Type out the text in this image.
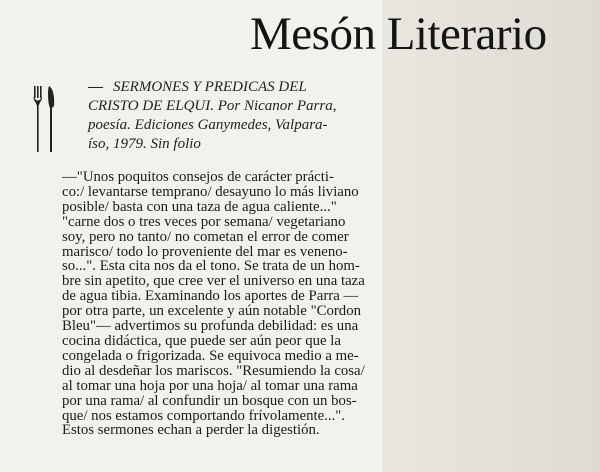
Mesón Literario
— SERMONES Y PREDICAS DEL
CRISTO DE ELQUI. Por Nicanor Parra,
poesía. Ediciones Ganymedes, Valpara-
íso, 1979. Sin folio
—"Unos poquitos consejos de carácter prácti-
co:/ levantarse temprano/ desayuno lo más liviano
posible/ basta con una taza de agua caliente..."
"carne dos o tres veces por semana/ vegetariano
soy, pero no tanto/ no cometan el error de comer
marisco/ todo lo proveniente del mar es veneno-
so...". Esta cita nos da el tono. Se trata de un hom-
bre sin apetito, que cree ver el universo en una taza
de agua tibia. Examinando los aportes de Parra —
por otra parte, un excelente y aún notable "Cordon
Bleu"— advertimos su profunda debilidad: es una
cocina didáctica, que puede ser aún peor que la
congelada o frigorizada. Se equivoca medio a me-
dio al desdeñar los mariscos. "Resumiendo la cosa/
al tomar una hoja por una hoja/ al tomar una rama
por una rama/ al confundir un bosque con un bos-
que/ nos estamos comportando frívolamente...".
Estos sermones echan a perder la digestión.
